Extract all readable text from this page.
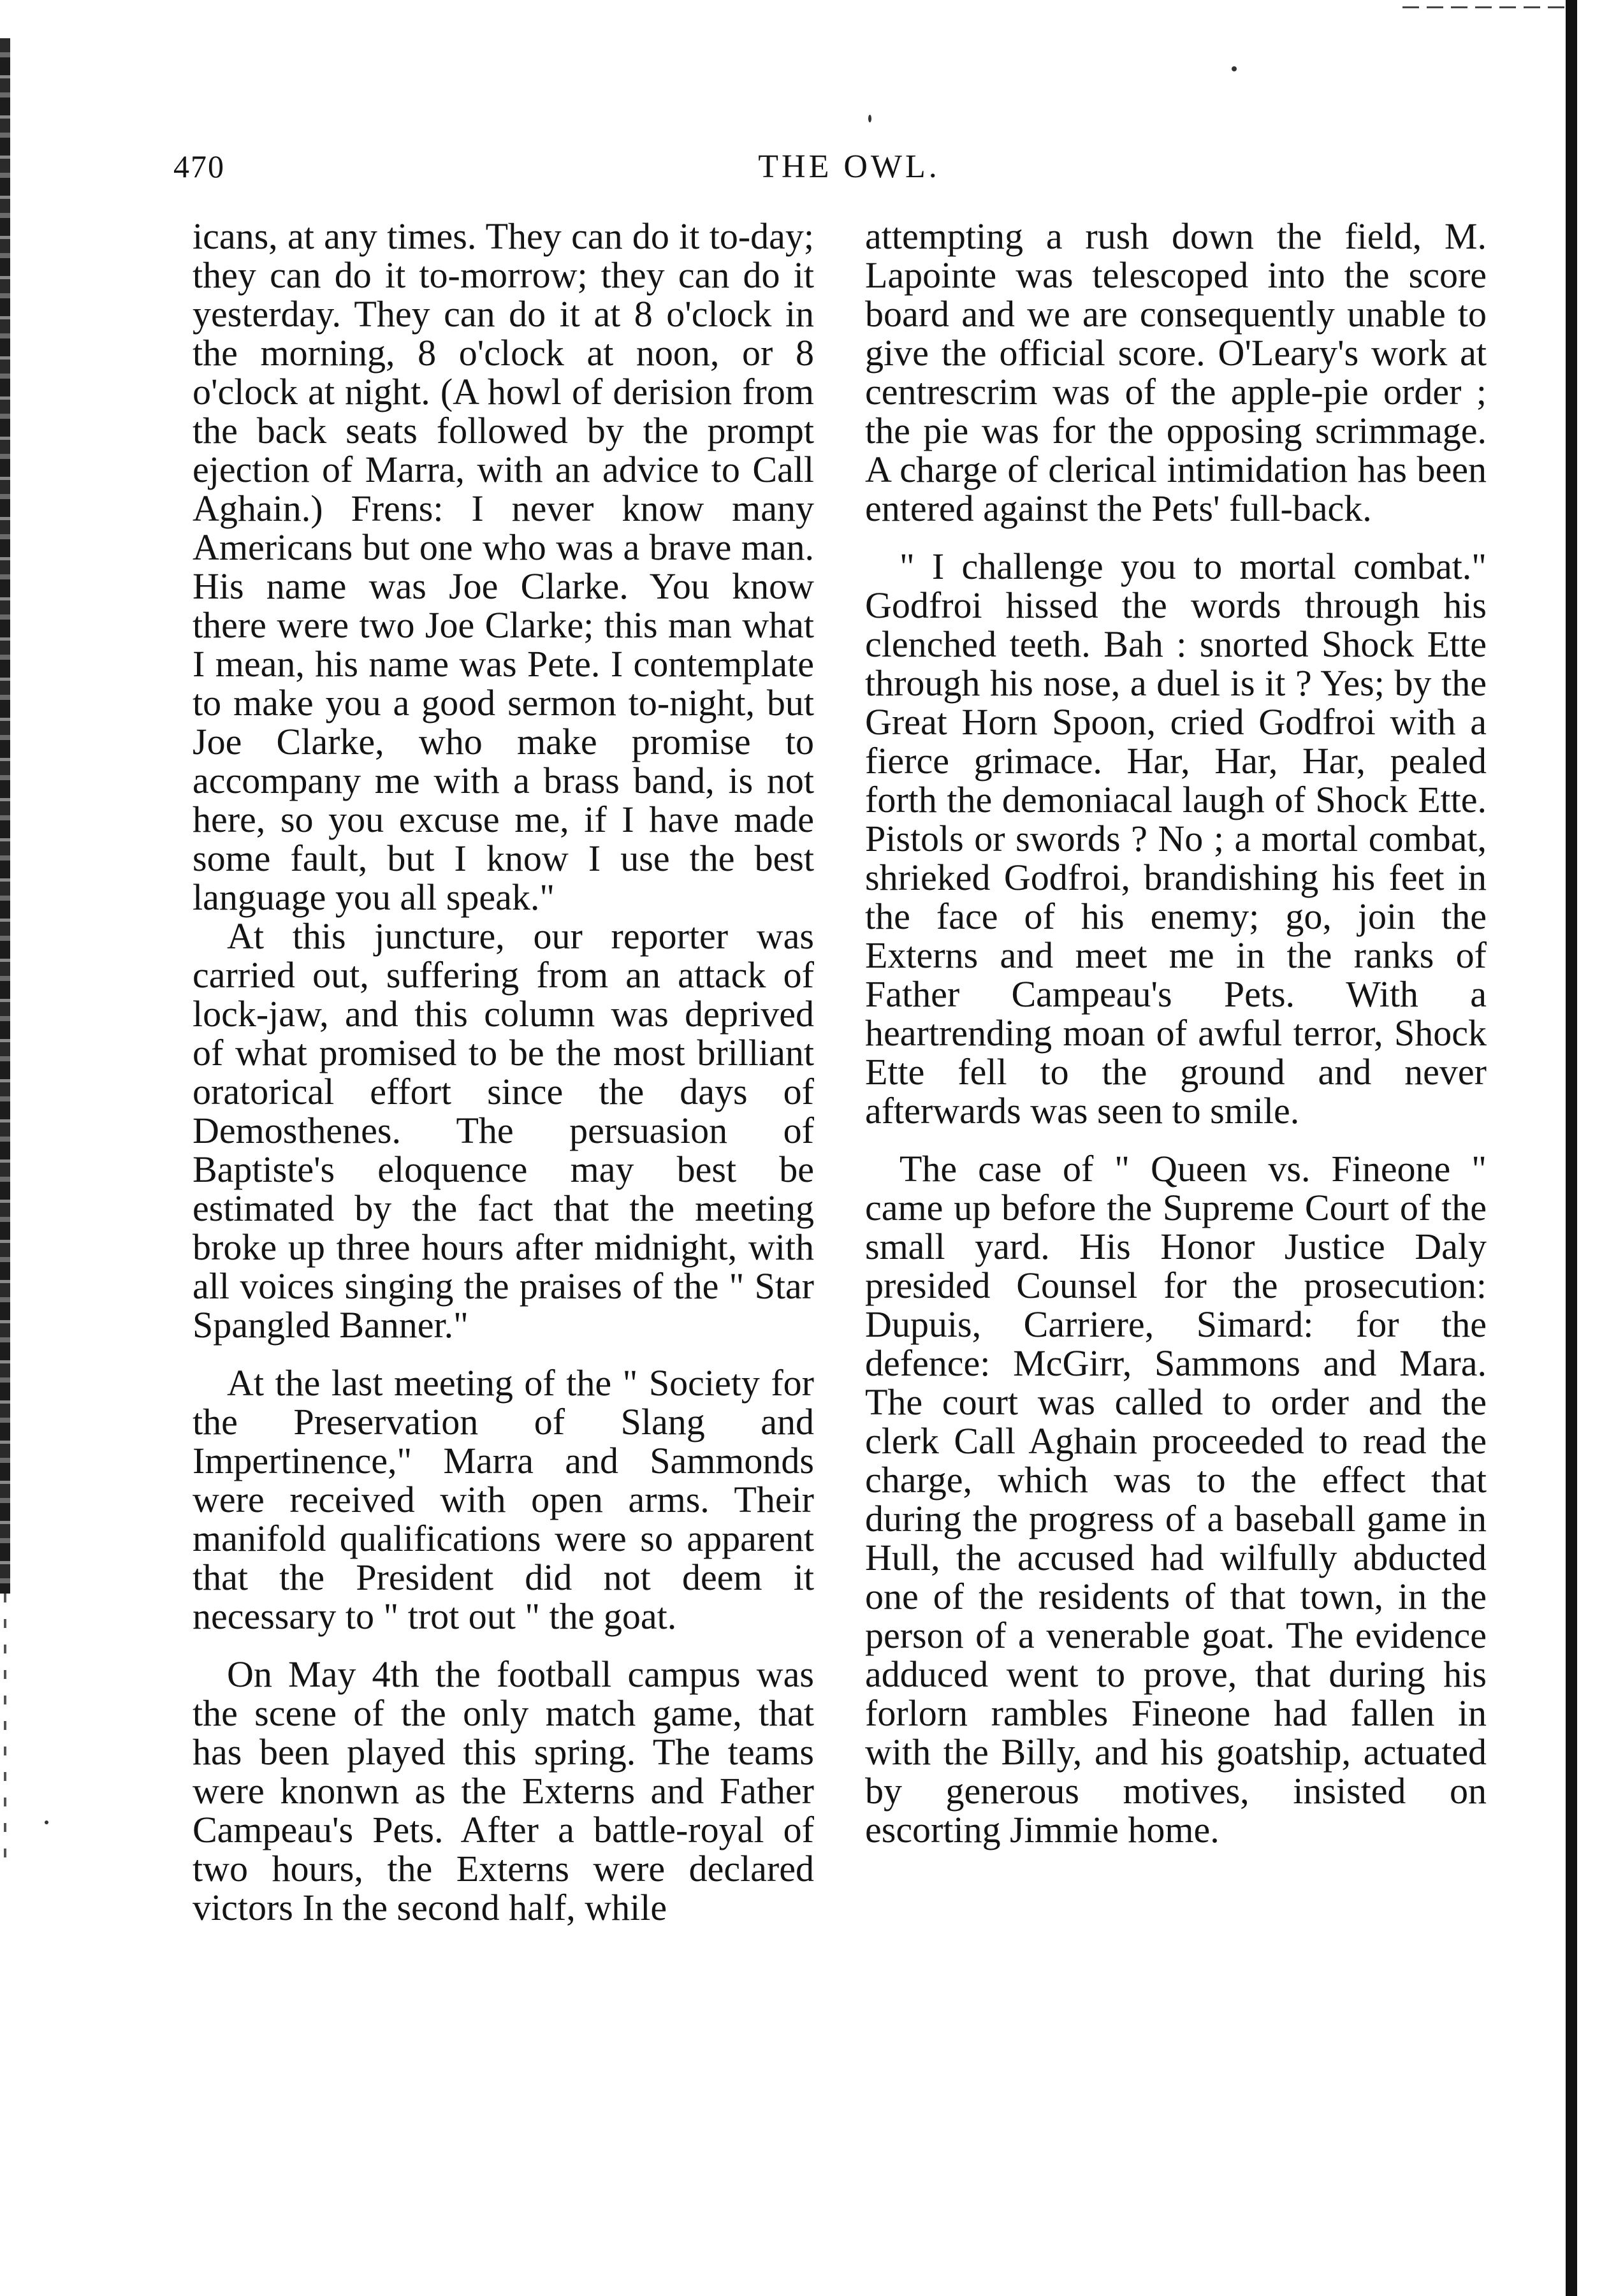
470	THE OWL.

icans, at any times. They can do it to-day; they can do it to-morrow; they can do it yesterday. They can do it at 8 o'clock in the morning, 8 o'clock at noon, or 8 o'clock at night. (A howl of derision from the back seats followed by the prompt ejection of Marra, with an advice to Call Aghain.) Frens: I never know many Americans but one who was a brave man. His name was Joe Clarke. You know there were two Joe Clarke; this man what I mean, his name was Pete. I contemplate to make you a good sermon to-night, but Joe Clarke, who make promise to accompany me with a brass band, is not here, so you excuse me, if I have made some fault, but I know I use the best language you all speak."

At this juncture, our reporter was carried out, suffering from an attack of lock-jaw, and this column was deprived of what promised to be the most brilliant oratorical effort since the days of Demosthenes. The persuasion of Baptiste's eloquence may best be estimated by the fact that the meeting broke up three hours after midnight, with all voices singing the praises of the " Star Spangled Banner."

At the last meeting of the " Society for the Preservation of Slang and Impertinence," Marra and Sammonds were received with open arms. Their manifold qualifications were so apparent that the President did not deem it necessary to " trot out " the goat.

On May 4th the football campus was the scene of the only match game, that has been played this spring. The teams were knonwn as the Externs and Father Campeau's Pets. After a battle-royal of two hours, the Externs were declared victors In the second half, while

attempting a rush down the field, M. Lapointe was telescoped into the score board and we are consequently unable to give the official score. O'Leary's work at centrescrim was of the apple-pie order ; the pie was for the opposing scrimmage. A charge of clerical intimidation has been entered against the Pets' full-back.

" I challenge you to mortal combat." Godfroi hissed the words through his clenched teeth. Bah : snorted Shock Ette through his nose, a duel is it ? Yes; by the Great Horn Spoon, cried Godfroi with a fierce grimace. Har, Har, Har, pealed forth the demoniacal laugh of Shock Ette. Pistols or swords ? No ; a mortal combat, shrieked Godfroi, brandishing his feet in the face of his enemy; go, join the Externs and meet me in the ranks of Father Campeau's Pets. With a heartrending moan of awful terror, Shock Ette fell to the ground and never afterwards was seen to smile.

The case of " Queen vs. Fineone " came up before the Supreme Court of the small yard. His Honor Justice Daly presided Counsel for the prosecution: Dupuis, Carriere, Simard: for the defence: McGirr, Sammons and Mara. The court was called to order and the clerk Call Aghain proceeded to read the charge, which was to the effect that during the progress of a baseball game in Hull, the accused had wilfully abducted one of the residents of that town, in the person of a venerable goat. The evidence adduced went to prove, that during his forlorn rambles Fineone had fallen in with the Billy, and his goatship, actuated by generous motives, insisted on escorting Jimmie home.
